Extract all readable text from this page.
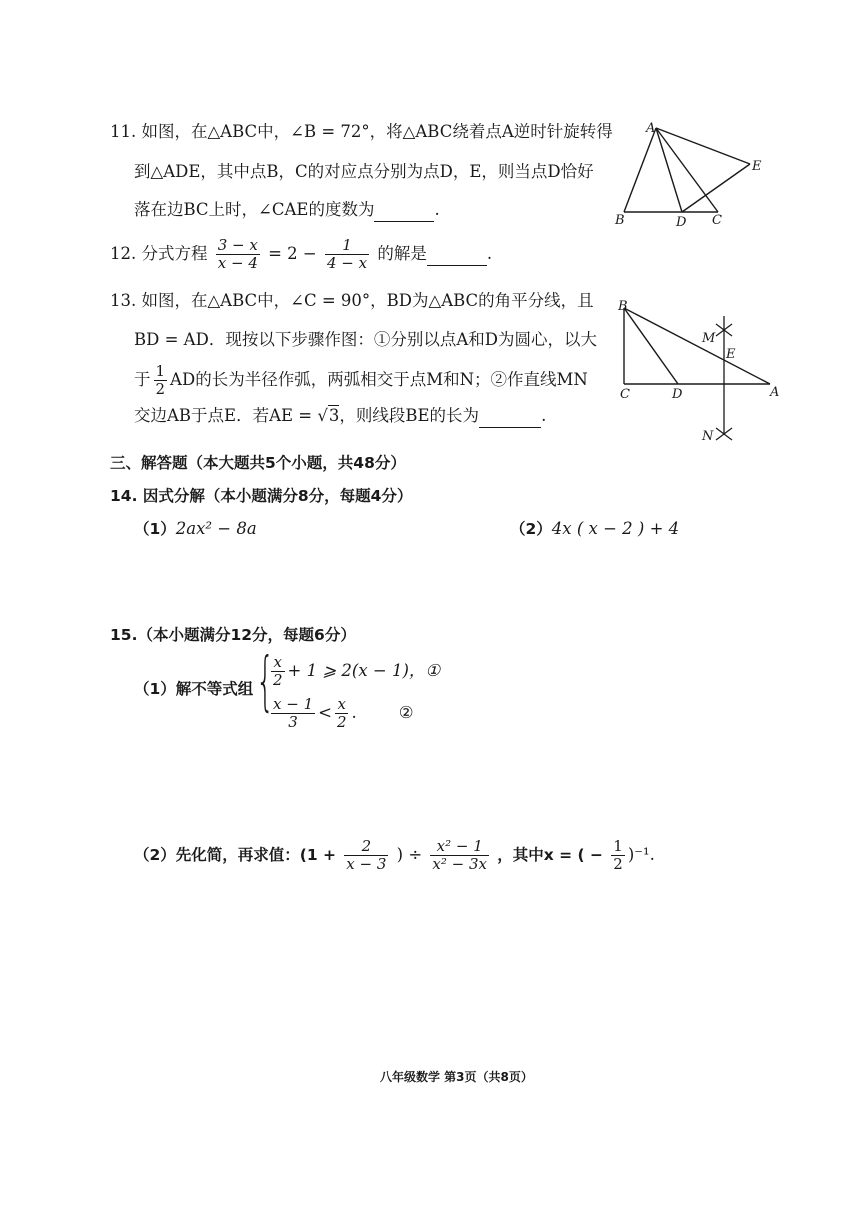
11. 如图，在△ABC中，∠B = 72°，将△ABC绕着点A逆时针旋转得
到△ADE，其中点B，C的对应点分别为点D，E，则当点D恰好
落在边BC上时，∠CAE的度数为	.
A
B	D C
E
12. 分式方程 $\frac{3 - x}{x - 4} = 2 - \frac{1}{4 - x}$ 的解是	.
13. 如图，在△ABC中，∠C = 90°，BD为△ABC的角平分线，且
BD = AD．现按以下步骤作图：①分别以点A和D为圆心，以大
于 $\frac{1}{2}$ AD的长为半径作弧，两弧相交于点M和N；②作直线MN
交边AB于点E．若AE = √3，则线段BE的长为	.
B
M
E
C	D	A
N
三、解答题（本大题共5个小题，共48分）
14. 因式分解（本小题满分8分，每题4分）
（1）2ax² − 8a	（2）4x ( x − 2 ) + 4
15.（本小题满分12分，每题6分）
（1）解不等式组 {
$\frac{x}{2} + 1$ ⩾ 2(x − 1)，①
$\frac{x - 1}{3} < \frac{x}{2}$ .	②
（2）先化简，再求值：($1 + \frac{2}{x - 3}$ ) ÷ $\frac{\text{x² − 1}}{\text{x² − 3x}}$ ，其中x = ( − $\frac{1}{2} )^{-1}$.
八年级数学 第3页（共8页）
